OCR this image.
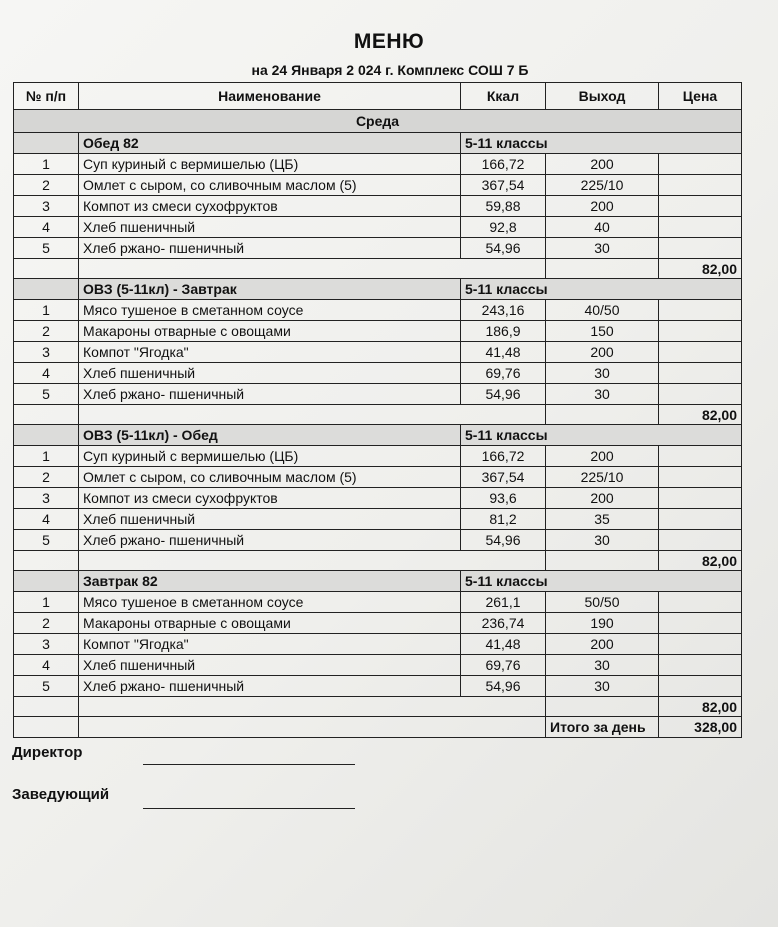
МЕНЮ
на 24 Января 2 024 г. Комплекс СОШ 7 Б
№ п/п	Наименование	Ккал	Выход	Цена
Среда				
	Обед 82	5-11 классы		
1	Суп куриный с вермишелью (ЦБ)	166,72	200	
2	Омлет с сыром, со сливочным маслом (5)	367,54	225/10	
3	Компот из смеси сухофруктов	59,88	200	
4	Хлеб пшеничный	92,8	40	
5	Хлеб ржано- пшеничный	54,96	30	
				82,00
	ОВЗ (5-11кл) - Завтрак	5-11 классы		
1	Мясо тушеное в сметанном соусе	243,16	40/50	
2	Макароны отварные с овощами	186,9	150	
3	Компот "Ягодка"	41,48	200	
4	Хлеб пшеничный	69,76	30	
5	Хлеб ржано- пшеничный	54,96	30	
				82,00
	ОВЗ (5-11кл) - Обед	5-11 классы		
1	Суп куриный с вермишелью (ЦБ)	166,72	200	
2	Омлет с сыром, со сливочным маслом (5)	367,54	225/10	
3	Компот из смеси сухофруктов	93,6	200	
4	Хлеб пшеничный	81,2	35	
5	Хлеб ржано- пшеничный	54,96	30	
				82,00
	Завтрак 82	5-11 классы		
1	Мясо тушеное в сметанном соусе	261,1	50/50	
2	Макароны отварные с овощами	236,74	190	
3	Компот "Ягодка"	41,48	200	
4	Хлеб пшеничный	69,76	30	
5	Хлеб ржано- пшеничный	54,96	30	
				82,00
			Итого за день	328,00
Директор
Заведующий
